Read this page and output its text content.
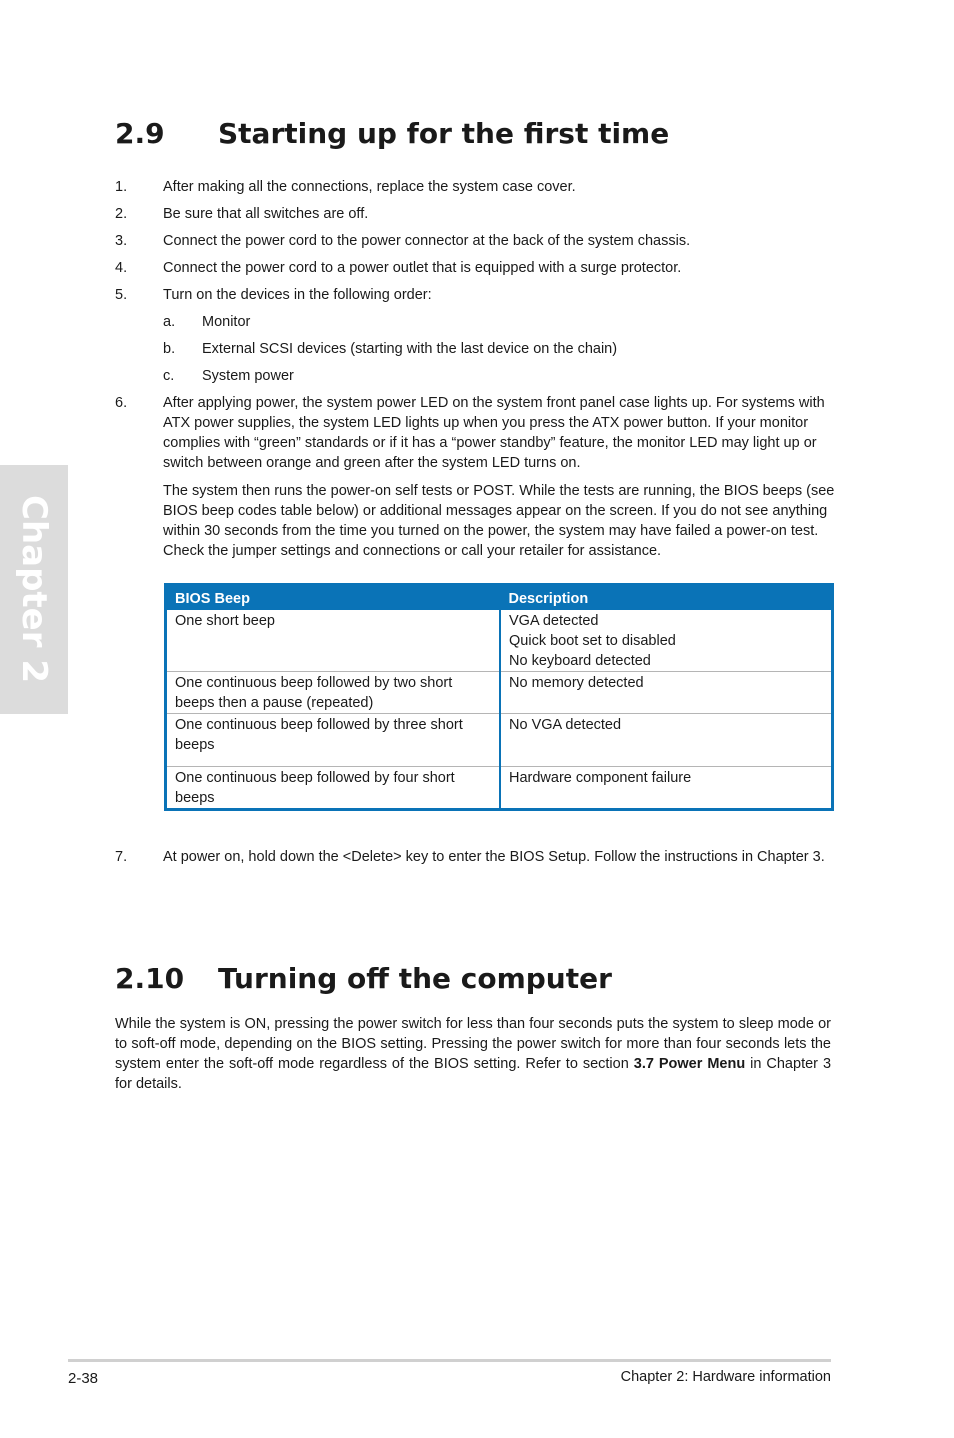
Chapter 2
2.9 Starting up for the first time
1. After making all the connections, replace the system case cover.
2. Be sure that all switches are off.
3. Connect the power cord to the power connector at the back of the system chassis.
4. Connect the power cord to a power outlet that is equipped with a surge protector.
5. Turn on the devices in the following order:
a. Monitor
b. External SCSI devices (starting with the last device on the chain)
c. System power
6. After applying power, the system power LED on the system front panel case lights up. For systems with ATX power supplies, the system LED lights up when you press the ATX power button. If your monitor complies with “green” standards or if it has a “power standby” feature, the monitor LED may light up or switch between orange and green after the system LED turns on.
The system then runs the power-on self tests or POST. While the tests are running, the BIOS beeps (see BIOS beep codes table below) or additional messages appear on the screen. If you do not see anything within 30 seconds from the time you turned on the power, the system may have failed a power-on test. Check the jumper settings and connections or call your retailer for assistance.
BIOS Beep	Description
One short beep	VGA detected
Quick boot set to disabled
No keyboard detected

One continuous beep followed by two short beeps then a pause (repeated)	No memory detected

One continuous beep followed by three short beeps	No VGA detected

One continuous beep followed by four short beeps	Hardware component failure
7. At power on, hold down the <Delete> key to enter the BIOS Setup. Follow the instructions in Chapter 3.
2.10 Turning off the computer
While the system is ON, pressing the power switch for less than four seconds puts the system to sleep mode or to soft-off mode, depending on the BIOS setting. Pressing the power switch for more than four seconds lets the system enter the soft-off mode regardless of the BIOS setting. Refer to section 3.7 Power Menu in Chapter 3 for details.
2-38	Chapter 2: Hardware information
